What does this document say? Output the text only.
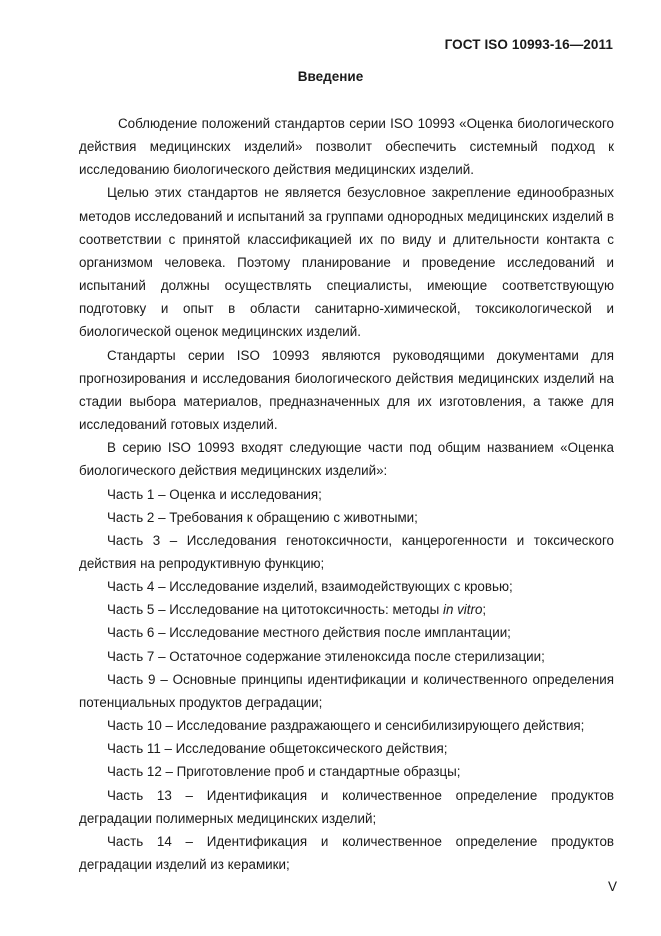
ГОСТ ISO 10993-16—2011
Введение

Соблюдение положений стандартов серии ISO 10993 «Оценка биологического действия медицинских изделий» позволит обеспечить системный подход к исследованию биологического действия медицинских изделий.

Целью этих стандартов не является безусловное закрепление единообразных методов исследований и испытаний за группами однородных медицинских изделий в соответствии с принятой классификацией их по виду и длительности контакта с организмом человека. Поэтому планирование и проведение исследований и испытаний должны осуществлять специалисты, имеющие соответствующую подготовку и опыт в области санитарно-химической, токсикологической и биологической оценок медицинских изделий.

Стандарты серии ISO 10993 являются руководящими документами для прогнозирования и исследования биологического действия медицинских изделий на стадии выбора материалов, предназначенных для их изготовления, а также для исследований готовых изделий.

В серию ISO 10993 входят следующие части под общим названием «Оценка биологического действия медицинских изделий»:

Часть 1 – Оценка и исследования;

Часть 2 – Требования к обращению с животными;

Часть 3 – Исследования генотоксичности, канцерогенности и токсического действия на репродуктивную функцию;

Часть 4 – Исследование изделий, взаимодействующих с кровью;

Часть 5 – Исследование на цитотоксичность: методы in vitro;

Часть 6 – Исследование местного действия после имплантации;

Часть 7 – Остаточное содержание этиленоксида после стерилизации;

Часть 9 – Основные принципы идентификации и количественного определения потенциальных продуктов деградации;

Часть 10 – Исследование раздражающего и сенсибилизирующего действия;

Часть 11 – Исследование общетоксического действия;

Часть 12 – Приготовление проб и стандартные образцы;

Часть 13 – Идентификация и количественное определение продуктов деградации полимерных медицинских изделий;

Часть 14 – Идентификация и количественное определение продуктов деградации изделий из керамики;

V
